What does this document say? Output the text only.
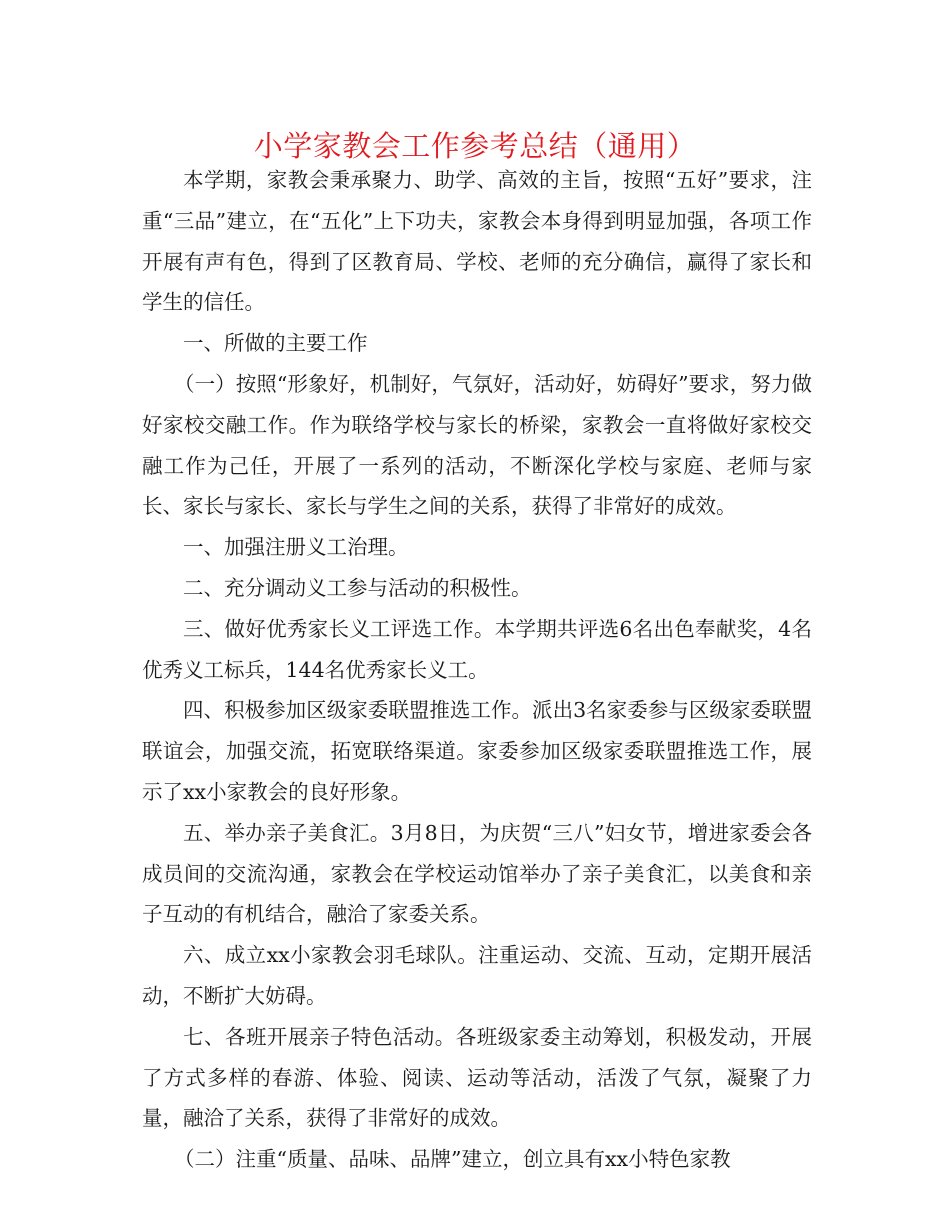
小学家教会工作参考总结（通用）

本学期，家教会秉承聚力、助学、高效的主旨，按照“五好”要求，注重“三品”建立，在“五化”上下功夫，家教会本身得到明显加强，各项工作开展有声有色，得到了区教育局、学校、老师的充分确信，赢得了家长和学生的信任。

一、所做的主要工作

（一）按照“形象好，机制好，气氛好，活动好，妨碍好”要求，努力做好家校交融工作。作为联络学校与家长的桥梁，家教会一直将做好家校交融工作为己任，开展了一系列的活动，不断深化学校与家庭、老师与家长、家长与家长、家长与学生之间的关系，获得了非常好的成效。

一、加强注册义工治理。

二、充分调动义工参与活动的积极性。

三、做好优秀家长义工评选工作。本学期共评选6名出色奉献奖，4名优秀义工标兵，144名优秀家长义工。

四、积极参加区级家委联盟推选工作。派出3名家委参与区级家委联盟联谊会，加强交流，拓宽联络渠道。家委参加区级家委联盟推选工作，展示了xx小家教会的良好形象。

五、举办亲子美食汇。3月8日，为庆贺“三八”妇女节，增进家委会各成员间的交流沟通，家教会在学校运动馆举办了亲子美食汇，以美食和亲子互动的有机结合，融洽了家委关系。

六、成立xx小家教会羽毛球队。注重运动、交流、互动，定期开展活动，不断扩大妨碍。

七、各班开展亲子特色活动。各班级家委主动筹划，积极发动，开展了方式多样的春游、体验、阅读、运动等活动，活泼了气氛，凝聚了力量，融洽了关系，获得了非常好的成效。

（二）注重“质量、品味、品牌”建立，创立具有xx小特色家教
